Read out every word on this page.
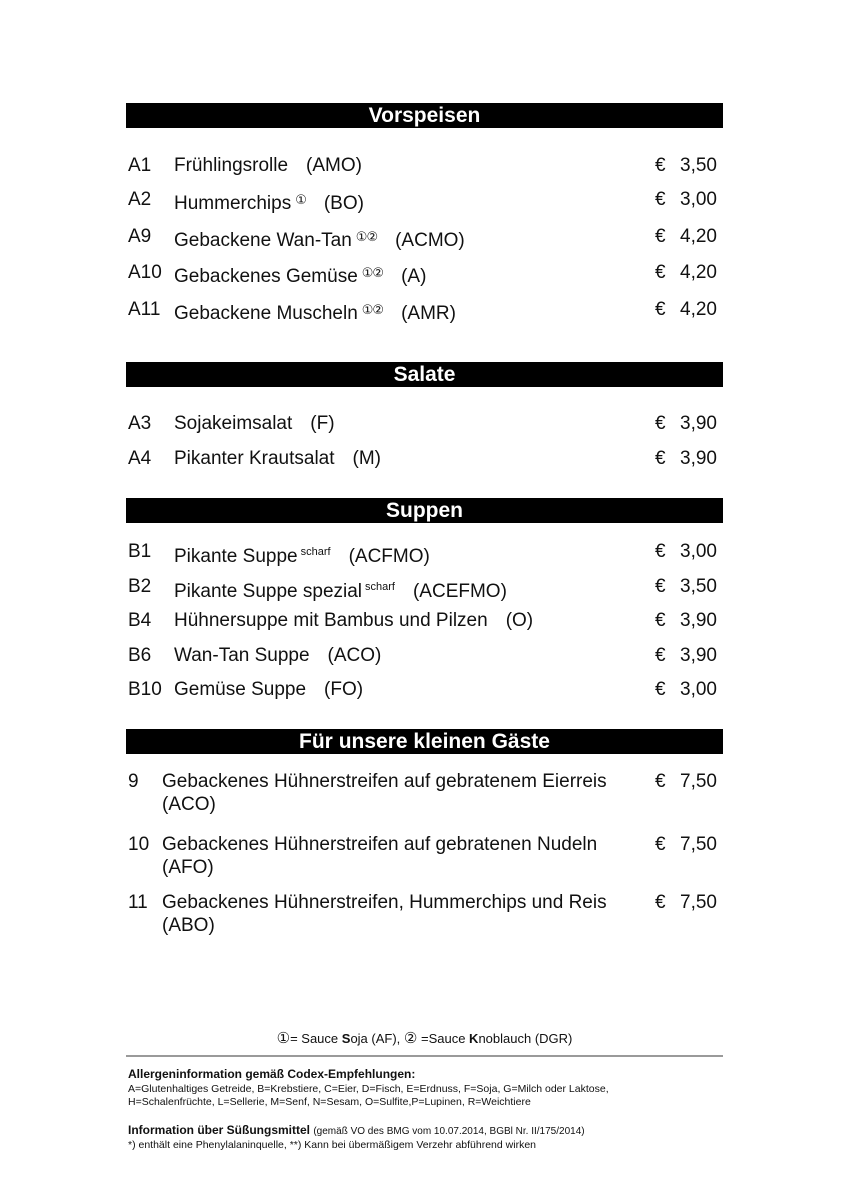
Vorspeisen
A1 Frühlingsrolle (AMO)	€ 3,50
A2 Hummerchips ① (BO)	€ 3,00
A9 Gebackene Wan-Tan ①② (ACMO)	€ 4,20
A10 Gebackenes Gemüse ①② (A)	€ 4,20
A11 Gebackene Muscheln ①② (AMR)	€ 4,20
Salate
A3 Sojakeimsalat (F)	€ 3,90
A4 Pikanter Krautsalat (M)	€ 3,90
Suppen
B1 Pikante Suppe $^{scharf}$ (ACFMO)	€ 3,00
B2 Pikante Suppe spezial $^{scharf}$ (ACEFMO)	€ 3,50
B4 Hühnersuppe mit Bambus und Pilzen (O)	€ 3,90
B6 Wan-Tan Suppe (ACO)	€ 3,90
B10 Gemüse Suppe (FO)	€ 3,00
Für unsere kleinen Gäste
9 Gebackenes Hühnerstreifen auf gebratenem Eierreis
(ACO)
€ 7,50
10 Gebackenes Hühnerstreifen auf gebratenen Nudeln
(AFO)
€ 7,50
11 Gebackenes Hühnerstreifen, Hummerchips und Reis
(ABO)
€ 7,50
①= Sauce Soja (AF), ② =Sauce Knoblauch (DGR)
Allergeninformation gemäß Codex-Empfehlungen:
A=Glutenhaltiges Getreide, B=Krebstiere, C=Eier, D=Fisch, E=Erdnuss, F=Soja, G=Milch oder Laktose,
H=Schalenfrüchte, L=Sellerie, M=Senf, N=Sesam, O=Sulfite,P=Lupinen, R=Weichtiere
Information über Süßungsmittel (gemäß VO des BMG vom 10.07.2014, BGBl Nr. II/175/2014)
*) enthält eine Phenylalaninquelle, **) Kann bei übermäßigem Verzehr abführend wirken
